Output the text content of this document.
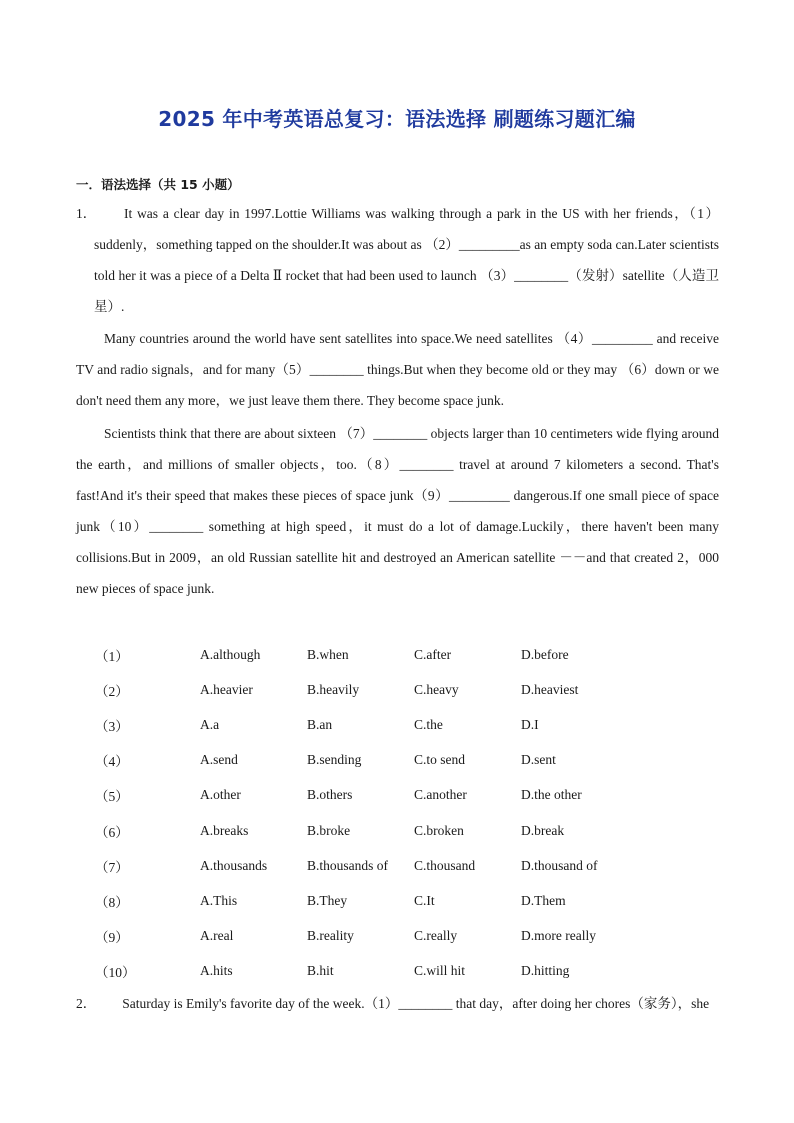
2025 年中考英语总复习：语法选择 刷题练习题汇编
一．语法选择（共 15 小题）
1．	It was a clear day in 1997.Lottie Williams was walking through a park in the US with her friends，（1）suddenly，something tapped on the shoulder.It was about as （2）_________as an empty soda can.Later scientists told her it was a piece of a Delta Ⅱ rocket that had been used to launch （3）________（发射）satellite（人造卫星）.
Many countries around the world have sent satellites into space.We need satellites （4）_________ and receive TV and radio signals，and for many（5）________ things.But when they become old or they may （6）down or we don't need them any more，we just leave them there. They become space junk.
Scientists think that there are about sixteen （7）________ objects larger than 10 centimeters wide flying around the earth，and millions of smaller objects，too.（8）________ travel at around 7 kilometers a second. That's fast!And it's their speed that makes these pieces of space junk（9）_________ dangerous.If one small piece of space junk（10）________ something at high speed，it must do a lot of damage.Luckily，there haven't been many collisions.But in 2009，an old Russian satellite hit and destroyed an American satellite －－and that created 2，000 new pieces of space junk.
（1）	A.although	B.when	C.after	D.before
（2）	A.heavier	B.heavily	C.heavy	D.heaviest
（3）	A.a	B.an	C.the	D.I
（4）	A.send	B.sending	C.to send	D.sent
（5）	A.other	B.others	C.another	D.the other
（6）	A.breaks	B.broke	C.broken	D.break
（7）	A.thousands	B.thousands of	C.thousand	D.thousand of
（8）	A.This	B.They	C.It	D.Them
（9）	A.real	B.reality	C.really	D.more really
（10）	A.hits	B.hit	C.will hit	D.hitting
2． Saturday is Emily's favorite day of the week.（1）________ that day，after doing her chores（家务），she
